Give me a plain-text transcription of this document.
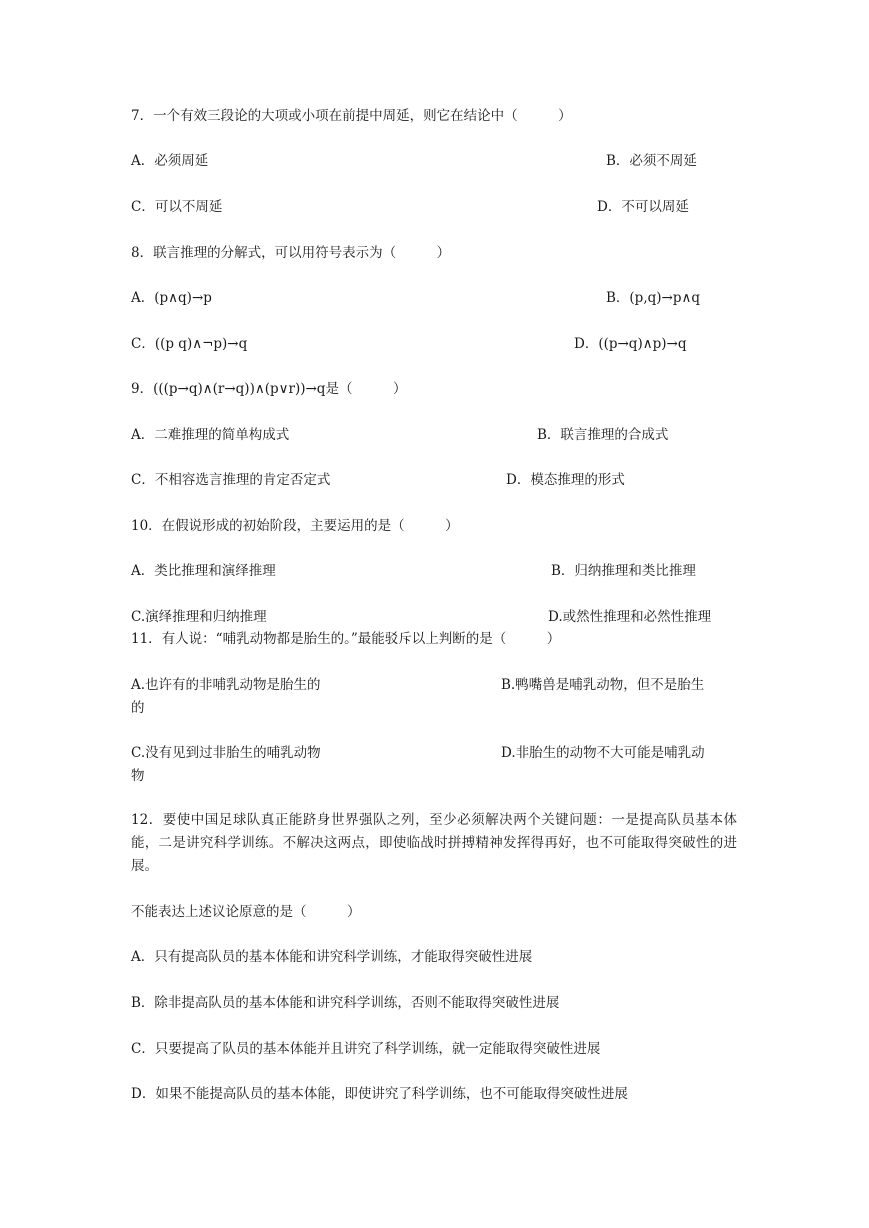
7．一个有效三段论的大项或小项在前提中周延，则它在结论中（　　　）
A．必须周延	B．必须不周延
C．可以不周延	D．不可以周延
8．联言推理的分解式，可以用符号表示为（　　　）
A．(p∧q)→p	B．(p,q)→p∧q
C．((p q)∧¬p)→q	D．((p→q)∧p)→q
9．(((p→q)∧(r→q))∧(p∨r))→q是（　　　）
A．二难推理的简单构成式	B．联言推理的合成式
C．不相容选言推理的肯定否定式	D．模态推理的形式
10．在假说形成的初始阶段，主要运用的是（　　　）
A．类比推理和演绎推理	B．归纳推理和类比推理
C.演绎推理和归纳推理	D.或然性推理和必然性推理
11．有人说：“哺乳动物都是胎生的。”最能驳斥以上判断的是（　　　）
A.也许有的非哺乳动物是胎生的	B.鸭嘴兽是哺乳动物，但不是胎生
的
C.没有见到过非胎生的哺乳动物	D.非胎生的动物不大可能是哺乳动
物
12．要使中国足球队真正能跻身世界强队之列，至少必须解决两个关键问题：一是提高队员基本体能，二是讲究科学训练。不解决这两点，即使临战时拼搏精神发挥得再好，也不可能取得突破性的进展。
不能表达上述议论原意的是（　　　）
A．只有提高队员的基本体能和讲究科学训练，才能取得突破性进展
B．除非提高队员的基本体能和讲究科学训练，否则不能取得突破性进展
C．只要提高了队员的基本体能并且讲究了科学训练，就一定能取得突破性进展
D．如果不能提高队员的基本体能，即使讲究了科学训练，也不可能取得突破性进展
